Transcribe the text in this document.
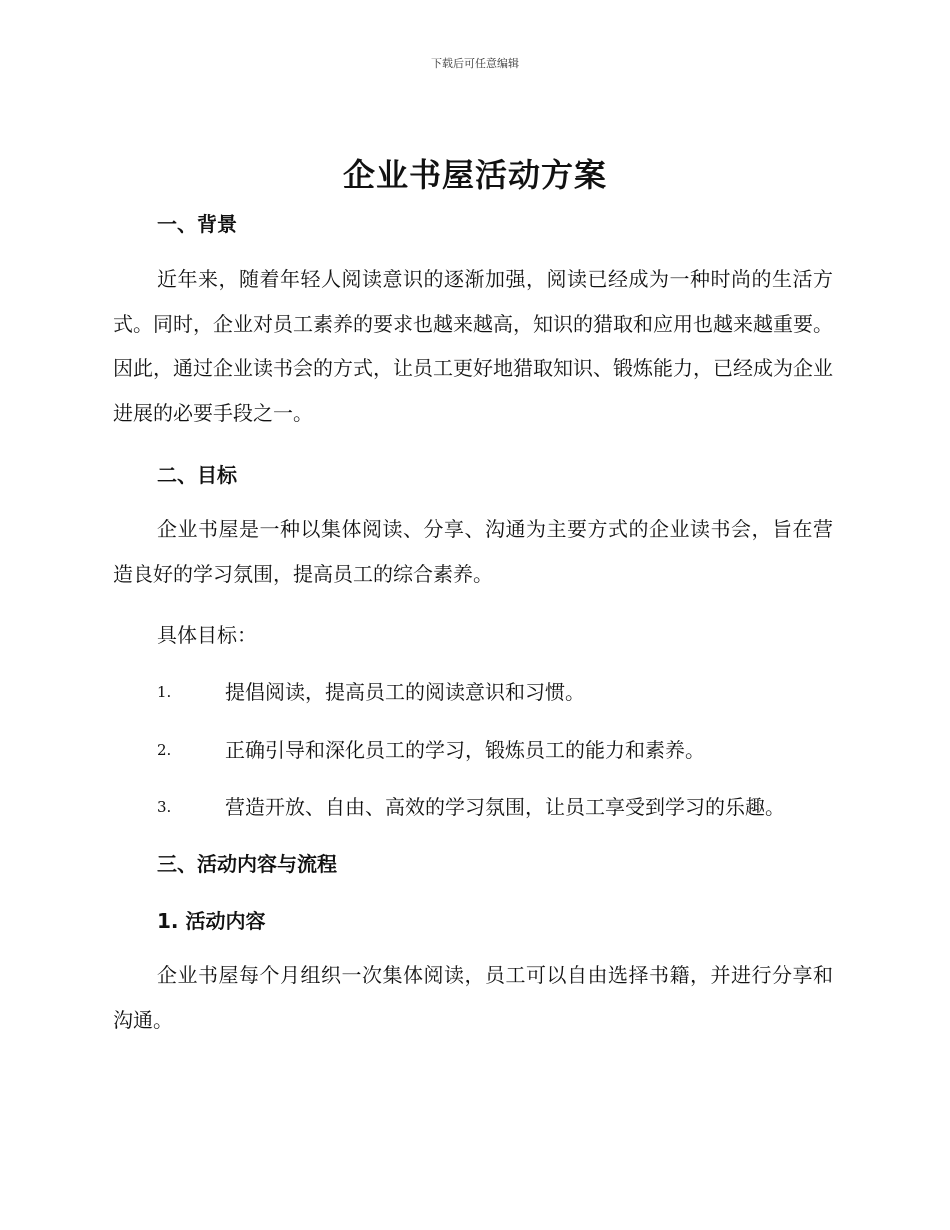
下载后可任意编辑
企业书屋活动方案
一、背景

近年来，随着年轻人阅读意识的逐渐加强，阅读已经成为一种时尚的生活方式。同时，企业对员工素养的要求也越来越高，知识的猎取和应用也越来越重要。因此，通过企业读书会的方式，让员工更好地猎取知识、锻炼能力，已经成为企业进展的必要手段之一。

二、目标

企业书屋是一种以集体阅读、分享、沟通为主要方式的企业读书会，旨在营造良好的学习氛围，提高员工的综合素养。

具体目标：
1.	提倡阅读，提高员工的阅读意识和习惯。
2.	正确引导和深化员工的学习，锻炼员工的能力和素养。
3.	营造开放、自由、高效的学习氛围，让员工享受到学习的乐趣。
三、活动内容与流程
1. 活动内容

企业书屋每个月组织一次集体阅读，员工可以自由选择书籍，并进行分享和沟通。
